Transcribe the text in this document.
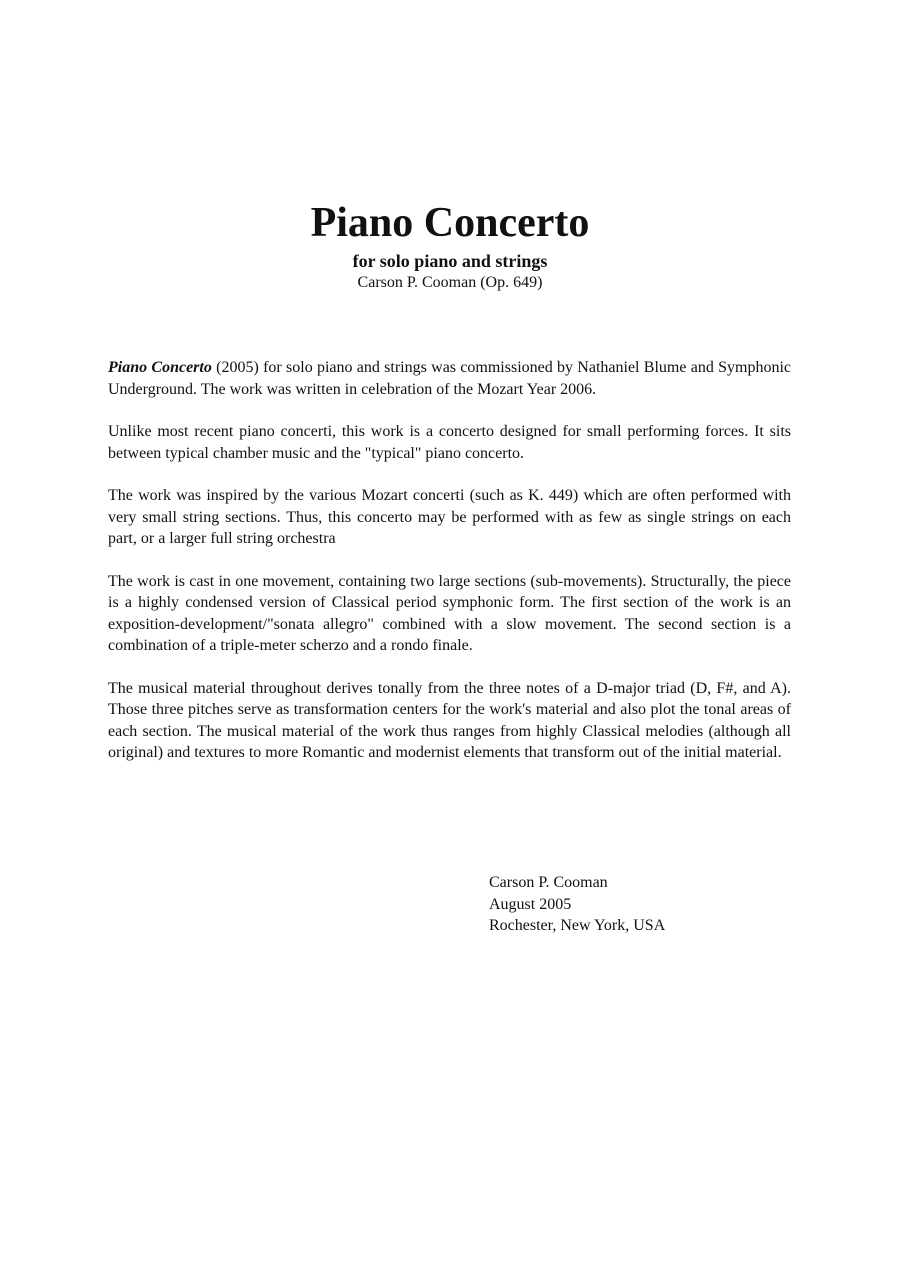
Piano Concerto
for solo piano and strings
Carson P. Cooman (Op. 649)

Piano Concerto (2005) for solo piano and strings was commissioned by Nathaniel Blume and Symphonic Underground. The work was written in celebration of the Mozart Year 2006.

Unlike most recent piano concerti, this work is a concerto designed for small performing forces. It sits between typical chamber music and the "typical" piano concerto.

The work was inspired by the various Mozart concerti (such as K. 449) which are often performed with very small string sections. Thus, this concerto may be performed with as few as single strings on each part, or a larger full string orchestra

The work is cast in one movement, containing two large sections (sub-movements). Structurally, the piece is a highly condensed version of Classical period symphonic form. The first section of the work is an exposition-development/"sonata allegro" combined with a slow movement. The second section is a combination of a triple-meter scherzo and a rondo finale.

The musical material throughout derives tonally from the three notes of a D-major triad (D, F#, and A). Those three pitches serve as transformation centers for the work's material and also plot the tonal areas of each section. The musical material of the work thus ranges from highly Classical melodies (although all original) and textures to more Romantic and modernist elements that transform out of the initial material.

Carson P. Cooman
August 2005
Rochester, New York, USA
